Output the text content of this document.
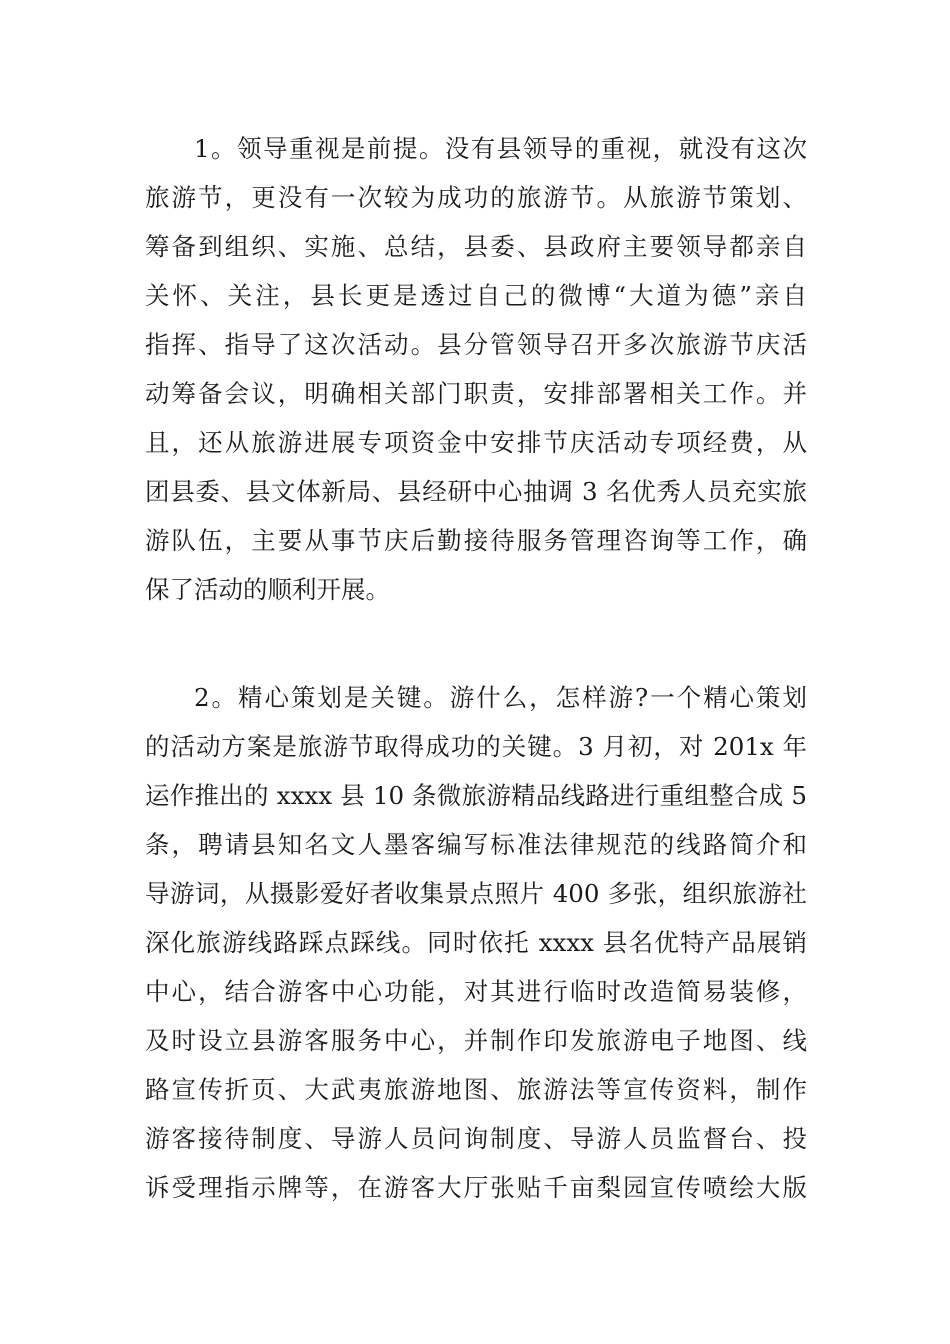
1。领导重视是前提。没有县领导的重视，就没有这次
旅游节，更没有一次较为成功的旅游节。从旅游节策划、
筹备到组织、实施、总结，县委、县政府主要领导都亲自
关怀、关注，县长更是透过自己的微博“大道为德”亲自
指挥、指导了这次活动。县分管领导召开多次旅游节庆活
动筹备会议，明确相关部门职责，安排部署相关工作。并
且，还从旅游进展专项资金中安排节庆活动专项经费，从
团县委、县文体新局、县经研中心抽调 3 名优秀人员充实旅
游队伍，主要从事节庆后勤接待服务管理咨询等工作，确
保了活动的顺利开展。
2。精心策划是关键。游什么，怎样游?一个精心策划
的活动方案是旅游节取得成功的关键。3 月初，对 201x 年
运作推出的 xxxx 县 10 条微旅游精品线路进行重组整合成 5
条，聘请县知名文人墨客编写标准法律规范的线路简介和
导游词，从摄影爱好者收集景点照片 400 多张，组织旅游社
深化旅游线路踩点踩线。同时依托 xxxx 县名优特产品展销
中心，结合游客中心功能，对其进行临时改造简易装修，
及时设立县游客服务中心，并制作印发旅游电子地图、线
路宣传折页、大武夷旅游地图、旅游法等宣传资料，制作
游客接待制度、导游人员问询制度、导游人员监督台、投
诉受理指示牌等，在游客大厅张贴千亩梨园宣传喷绘大版
